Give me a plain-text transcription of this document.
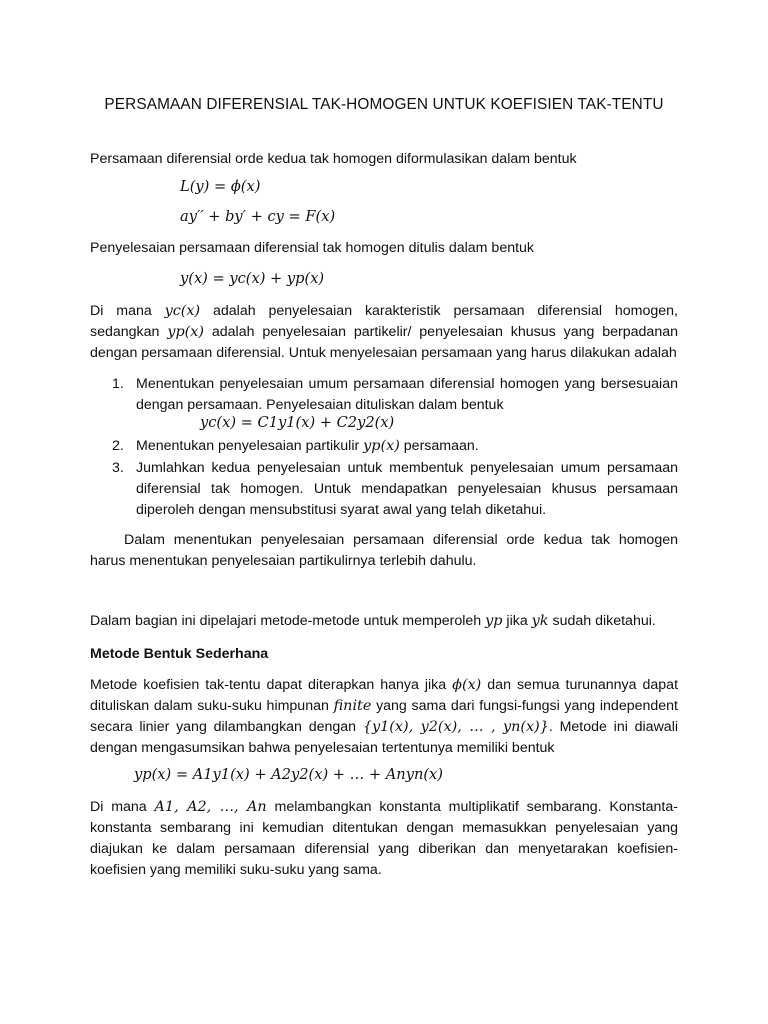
PERSAMAAN DIFERENSIAL TAK-HOMOGEN UNTUK KOEFISIEN TAK-TENTU
Persamaan diferensial orde kedua tak homogen diformulasikan dalam bentuk
L(y) = ϕ(x)
ay′′ + by′ + cy = F(x)
Penyelesaian persamaan diferensial tak homogen ditulis dalam bentuk
y(x) = yc(x) + yp(x)
Di mana yc(x) adalah penyelesaian karakteristik persamaan diferensial homogen, sedangkan yp(x) adalah penyelesaian partikelir/ penyelesaian khusus yang berpadanan dengan persamaan diferensial. Untuk menyelesaian persamaan yang harus dilakukan adalah
1. Menentukan penyelesaian umum persamaan diferensial homogen yang bersesuaian dengan persamaan. Penyelesaian dituliskan dalam bentuk
yc(x) = C1y1(x) + C2y2(x)
2. Menentukan penyelesaian partikulir yp(x) persamaan.
3. Jumlahkan kedua penyelesaian untuk membentuk penyelesaian umum persamaan diferensial tak homogen. Untuk mendapatkan penyelesaian khusus persamaan diperoleh dengan mensubstitusi syarat awal yang telah diketahui.
Dalam menentukan penyelesaian persamaan diferensial orde kedua tak homogen harus menentukan penyelesaian partikulirnya terlebih dahulu.
Dalam bagian ini dipelajari metode-metode untuk memperoleh yp jika yk sudah diketahui.
Metode Bentuk Sederhana
Metode koefisien tak-tentu dapat diterapkan hanya jika ϕ(x) dan semua turunannya dapat dituliskan dalam suku-suku himpunan finite yang sama dari fungsi-fungsi yang independent secara linier yang dilambangkan dengan {y1(x), y2(x), … , yn(x)}. Metode ini diawali dengan mengasumsikan bahwa penyelesaian tertentunya memiliki bentuk
yp(x) = A1y1(x) + A2y2(x) + … + Anyn(x)
Di mana A1, A2, …, An melambangkan konstanta multiplikatif sembarang. Konstanta-konstanta sembarang ini kemudian ditentukan dengan memasukkan penyelesaian yang diajukan ke dalam persamaan diferensial yang diberikan dan menyetarakan koefisien-koefisien yang memiliki suku-suku yang sama.
